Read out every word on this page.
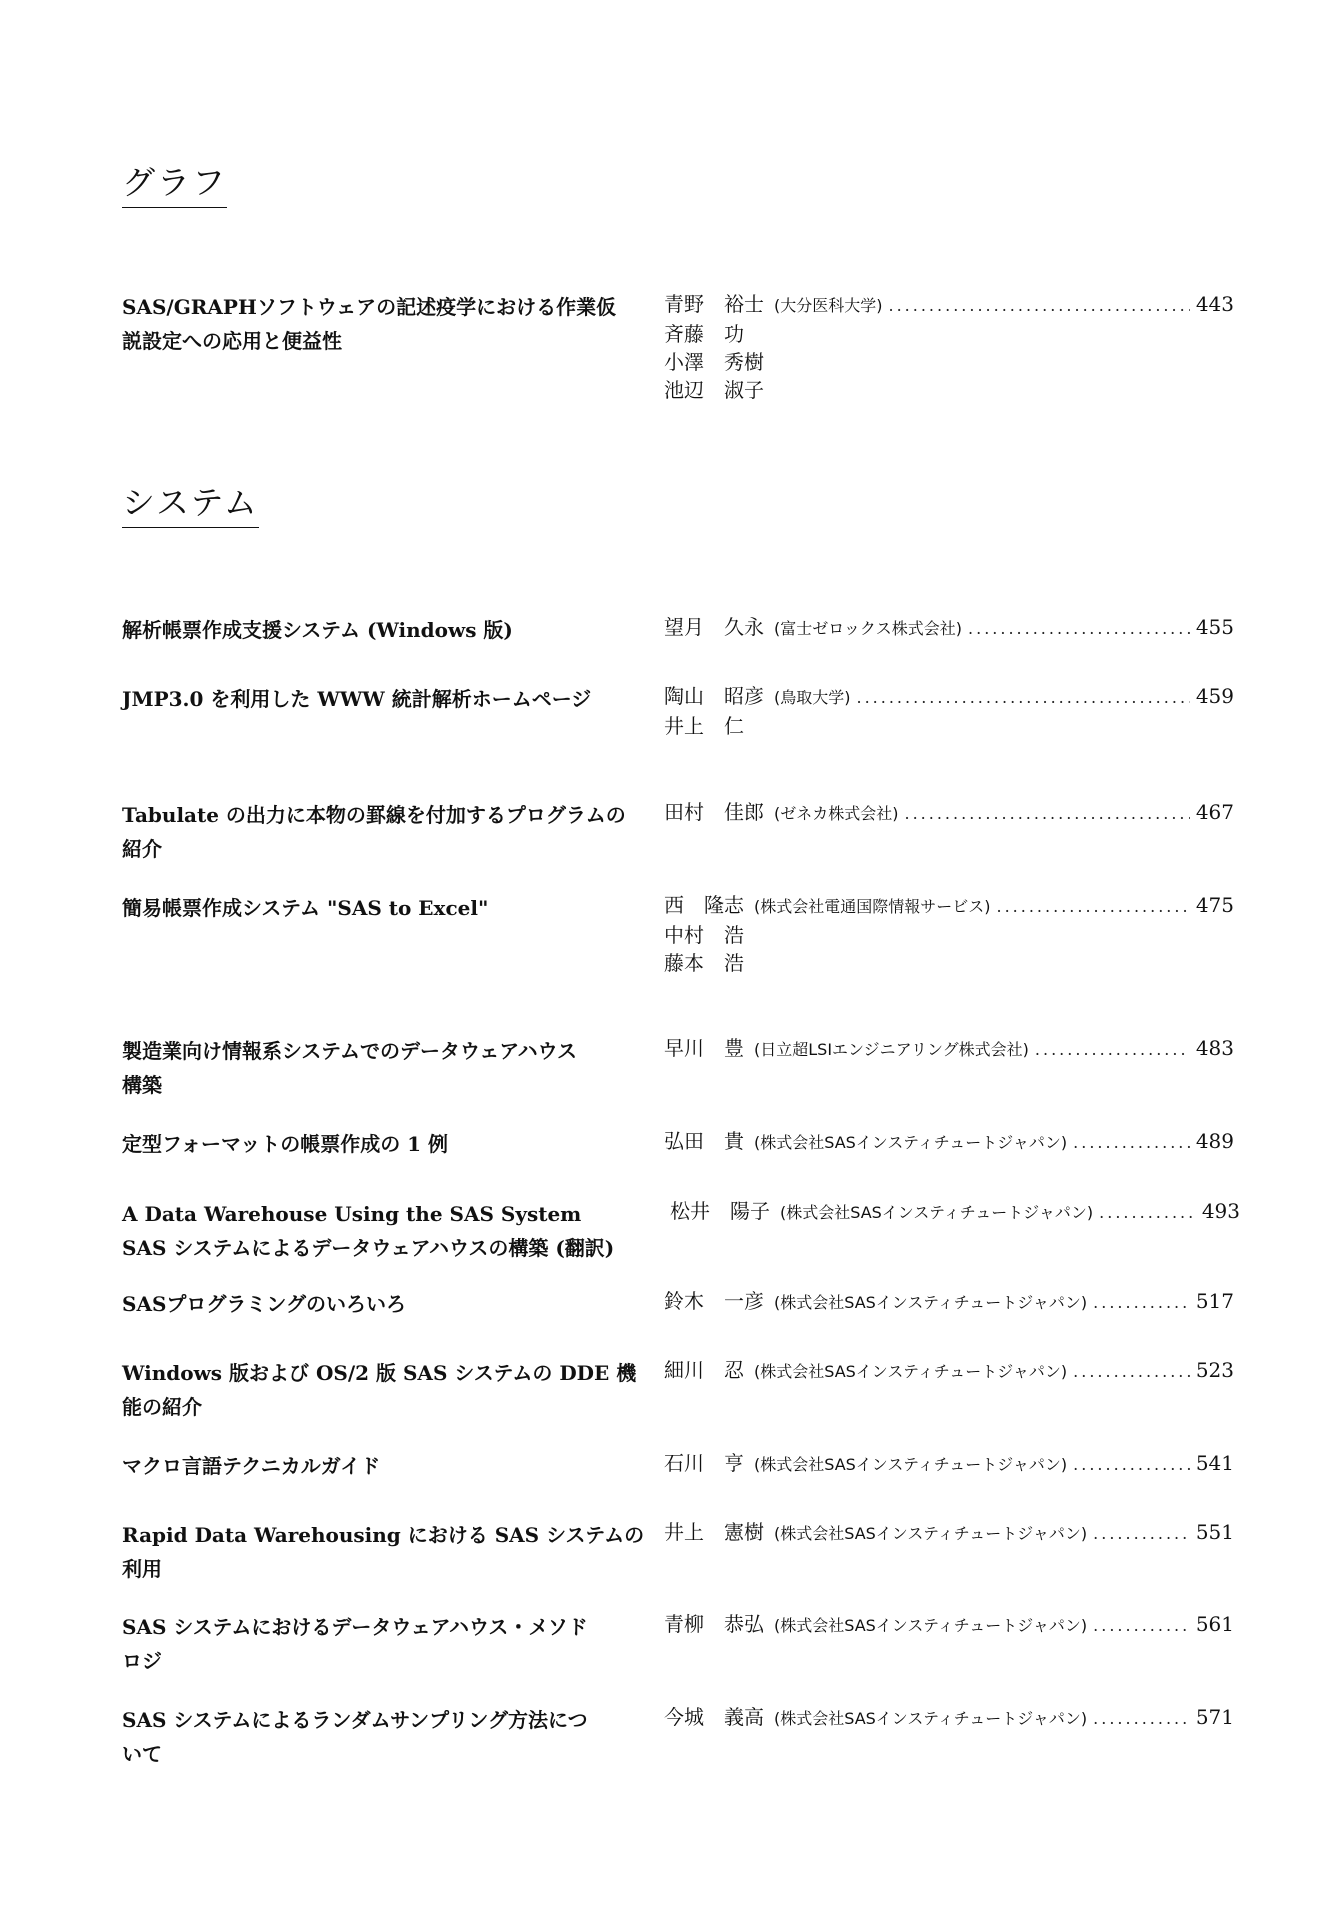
グラフ
SAS/GRAPHソフトウェアの記述疫学における作業仮
説設定への応用と便益性
青野　裕士 (大分医科大学) .....	443
斉藤　功
小澤　秀樹
池辺　淑子
システム
解析帳票作成支援システム (Windows 版)	望月　久永 (富士ゼロックス株式会社) .....	455
JMP3.0 を利用した WWW 統計解析ホームページ	陶山　昭彦 (鳥取大学) .....	459
井上　仁
Tabulate の出力に本物の罫線を付加するプログラムの
紹介
田村　佳郎 (ゼネカ株式会社) .....	467
簡易帳票作成システム "SAS to Excel"	西　隆志 (株式会社電通国際情報サービス) .....	475
中村　浩
藤本　浩
製造業向け情報系システムでのデータウェアハウス
構築
早川　豊 (日立超LSIエンジニアリング株式会社) .....	483
定型フォーマットの帳票作成の 1 例	弘田　貴 (株式会社SASインスティチュートジャパン) .....	489
A Data Warehouse Using the SAS System
SAS システムによるデータウェアハウスの構築 (翻訳)
松井　陽子 (株式会社SASインスティチュートジャパン) .....	493
SASプログラミングのいろいろ	鈴木　一彦 (株式会社SASインスティチュートジャパン) .....	517
Windows 版および OS/2 版 SAS システムの DDE 機
能の紹介
細川　忍 (株式会社SASインスティチュートジャパン) .....	523
マクロ言語テクニカルガイド	石川　亨 (株式会社SASインスティチュートジャパン) .....	541
Rapid Data Warehousing における SAS システムの
利用
井上　憲樹 (株式会社SASインスティチュートジャパン) .....	551
SAS システムにおけるデータウェアハウス・メソド
ロジ
青柳　恭弘 (株式会社SASインスティチュートジャパン) .....	561
SAS システムによるランダムサンプリング方法につ
いて
今城　義高 (株式会社SASインスティチュートジャパン) .....	571
